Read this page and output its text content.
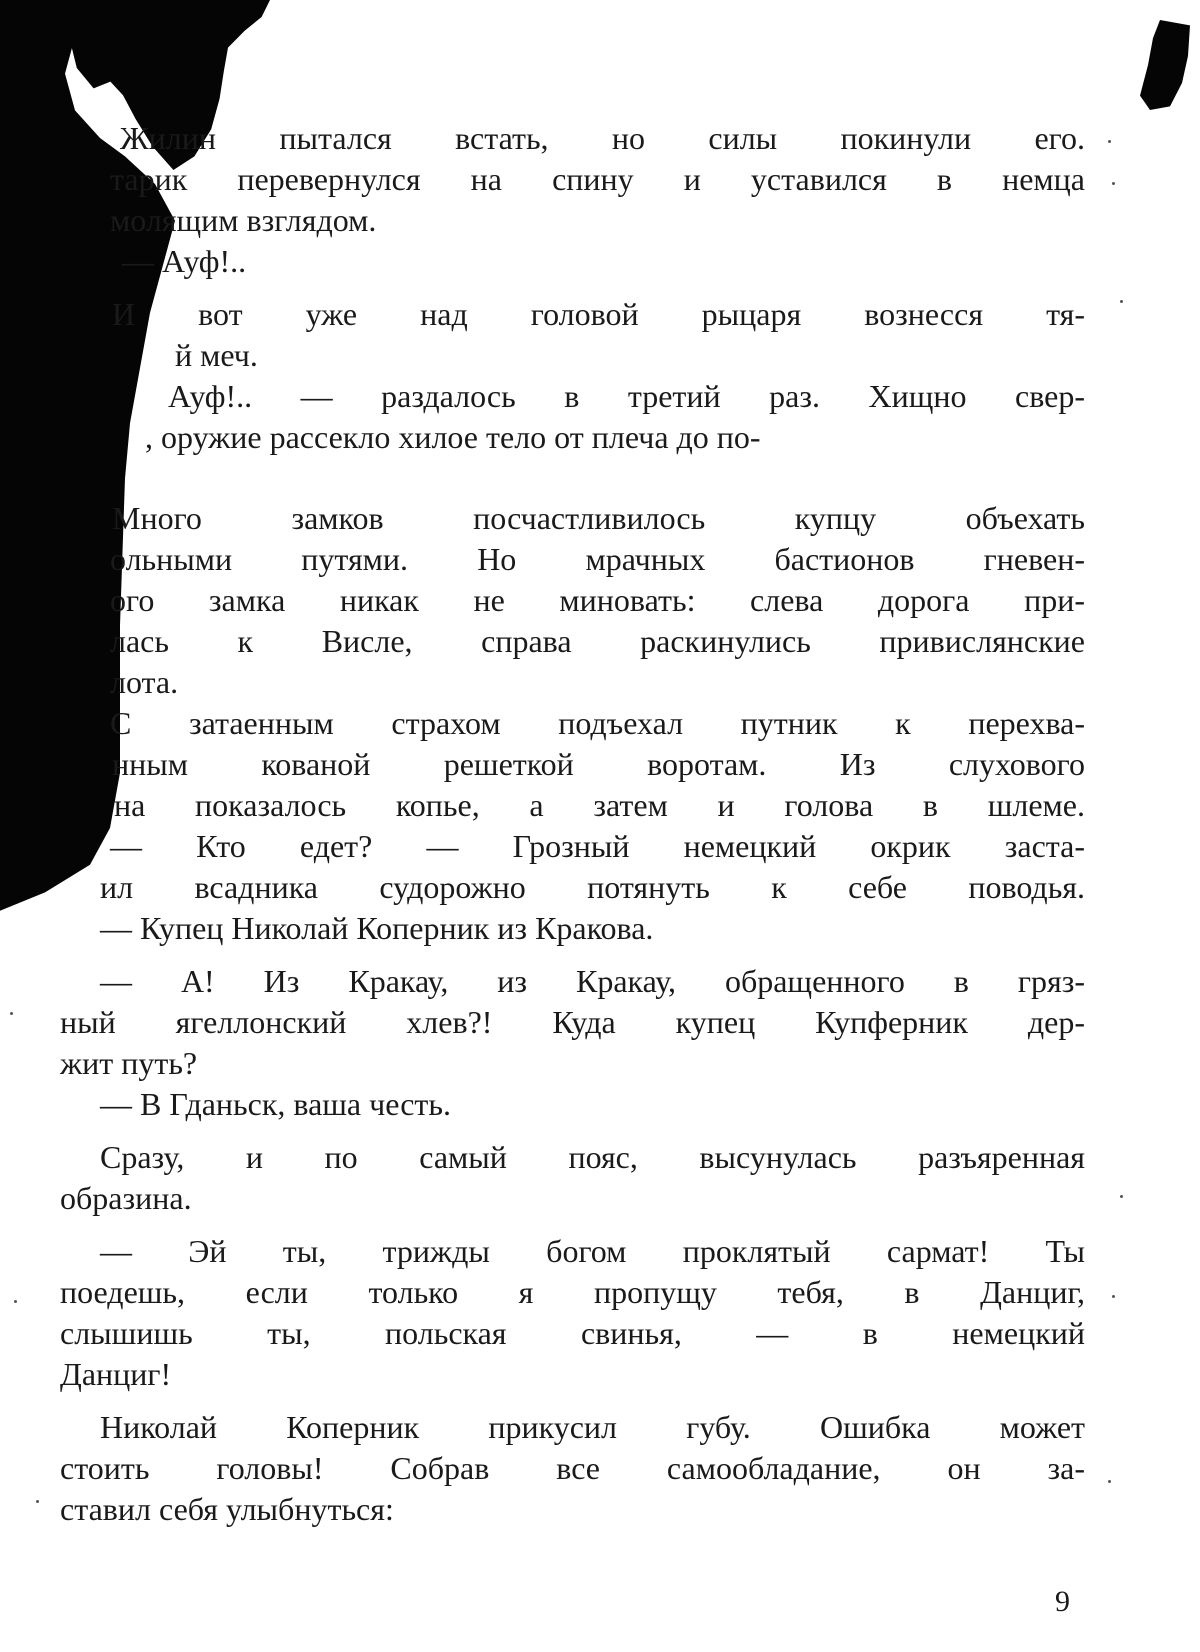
Жилин пытался встать, но силы покинули его.
тарик перевернулся на спину и уставился в немца
молящим взглядом.
— Ауф!..
И вот уже над головой рыцаря вознесся тя-
й меч.
Ауф!.. — раздалось в третий раз. Хищно свер-
, оружие рассекло хилое тело от плеча до по-
Много замков посчастливилось купцу объехать
ольными путями. Но мрачных бастионов гневен-
ого замка никак не миновать: слева дорога при-
лась к Висле, справа раскинулись привислянские
лота.
С затаенным страхом подъехал путник к перехва-
нным кованой решеткой воротам. Из слухового
на показалось копье, а затем и голова в шлеме.
— Кто едет? — Грозный немецкий окрик заста-
ил всадника судорожно потянуть к себе поводья.
— Купец Николай Коперник из Кракова.
— А! Из Кракау, из Кракау, обращенного в гряз-
ный ягеллонский хлев?! Куда купец Купферник дер-
жит путь?
— В Гданьск, ваша честь.
Сразу, и по самый пояс, высунулась разъяренная
образина.
— Эй ты, трижды богом проклятый сармат! Ты
поедешь, если только я пропущу тебя, в Данциг,
слышишь ты, польская свинья, — в немецкий
Данциг!
Николай Коперник прикусил губу. Ошибка может
стоить головы! Собрав все самообладание, он за-
ставил себя улыбнуться:
9
